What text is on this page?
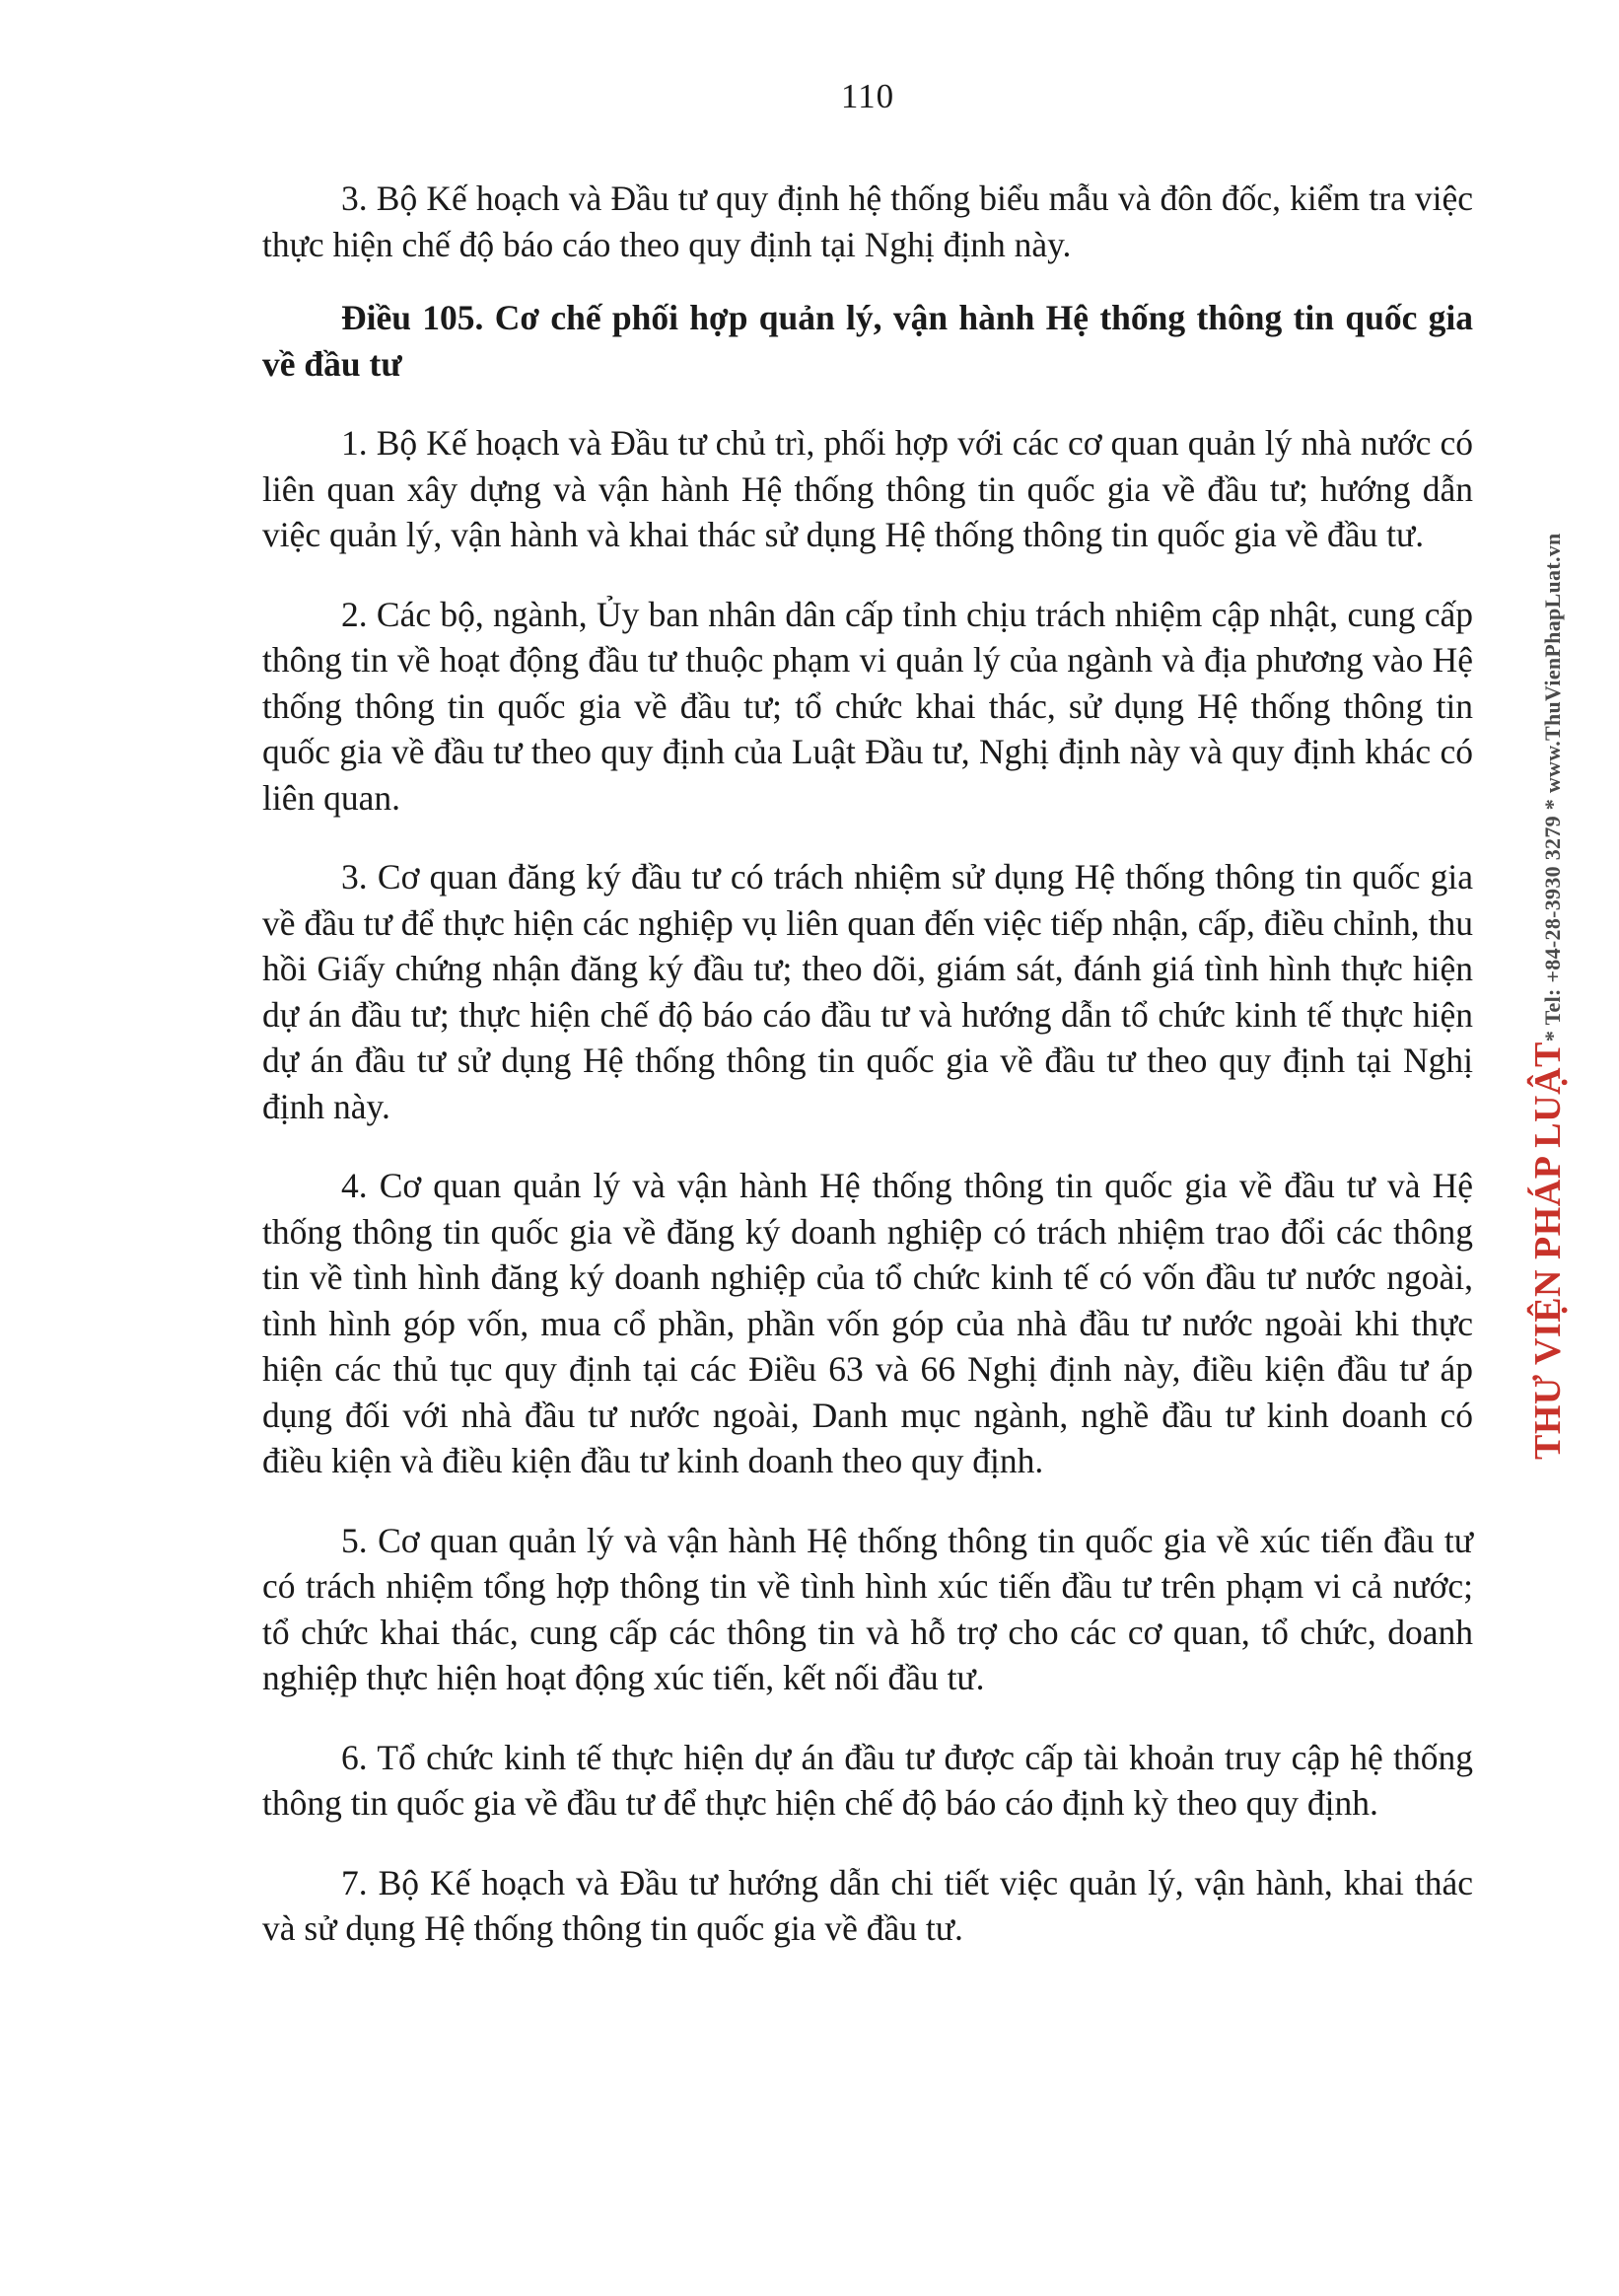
110

3. Bộ Kế hoạch và Đầu tư quy định hệ thống biểu mẫu và đôn đốc, kiểm tra việc thực hiện chế độ báo cáo theo quy định tại Nghị định này.

Điều 105. Cơ chế phối hợp quản lý, vận hành Hệ thống thông tin quốc gia về đầu tư

1. Bộ Kế hoạch và Đầu tư chủ trì, phối hợp với các cơ quan quản lý nhà nước có liên quan xây dựng và vận hành Hệ thống thông tin quốc gia về đầu tư; hướng dẫn việc quản lý, vận hành và khai thác sử dụng Hệ thống thông tin quốc gia về đầu tư.

2. Các bộ, ngành, Ủy ban nhân dân cấp tỉnh chịu trách nhiệm cập nhật, cung cấp thông tin về hoạt động đầu tư thuộc phạm vi quản lý của ngành và địa phương vào Hệ thống thông tin quốc gia về đầu tư; tổ chức khai thác, sử dụng Hệ thống thông tin quốc gia về đầu tư theo quy định của Luật Đầu tư, Nghị định này và quy định khác có liên quan.

3. Cơ quan đăng ký đầu tư có trách nhiệm sử dụng Hệ thống thông tin quốc gia về đầu tư để thực hiện các nghiệp vụ liên quan đến việc tiếp nhận, cấp, điều chỉnh, thu hồi Giấy chứng nhận đăng ký đầu tư; theo dõi, giám sát, đánh giá tình hình thực hiện dự án đầu tư; thực hiện chế độ báo cáo đầu tư và hướng dẫn tổ chức kinh tế thực hiện dự án đầu tư sử dụng Hệ thống thông tin quốc gia về đầu tư theo quy định tại Nghị định này.

4. Cơ quan quản lý và vận hành Hệ thống thông tin quốc gia về đầu tư và Hệ thống thông tin quốc gia về đăng ký doanh nghiệp có trách nhiệm trao đổi các thông tin về tình hình đăng ký doanh nghiệp của tổ chức kinh tế có vốn đầu tư nước ngoài, tình hình góp vốn, mua cổ phần, phần vốn góp của nhà đầu tư nước ngoài khi thực hiện các thủ tục quy định tại các Điều 63 và 66 Nghị định này, điều kiện đầu tư áp dụng đối với nhà đầu tư nước ngoài, Danh mục ngành, nghề đầu tư kinh doanh có điều kiện và điều kiện đầu tư kinh doanh theo quy định.

5. Cơ quan quản lý và vận hành Hệ thống thông tin quốc gia về xúc tiến đầu tư có trách nhiệm tổng hợp thông tin về tình hình xúc tiến đầu tư trên phạm vi cả nước; tổ chức khai thác, cung cấp các thông tin và hỗ trợ cho các cơ quan, tổ chức, doanh nghiệp thực hiện hoạt động xúc tiến, kết nối đầu tư.

6. Tổ chức kinh tế thực hiện dự án đầu tư được cấp tài khoản truy cập hệ thống thông tin quốc gia về đầu tư để thực hiện chế độ báo cáo định kỳ theo quy định.

7. Bộ Kế hoạch và Đầu tư hướng dẫn chi tiết việc quản lý, vận hành, khai thác và sử dụng Hệ thống thông tin quốc gia về đầu tư.

THƯ VIỆN PHÁP LUẬT* Tel: +84-28-3930 3279 * www.ThuVienPhapLuat.vn
